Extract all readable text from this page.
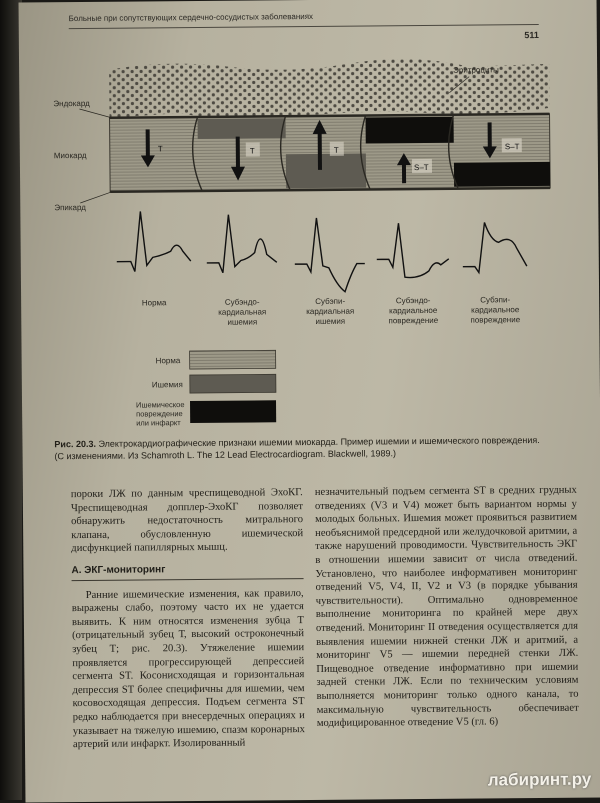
Больные при сопутствующих сердечно-сосудистых заболеваниях
511
Эндокард
Миокард
Эпикард
Эритроциты
T	T	T
S–T
S–T
Норма	Субэндо-
кардиальная
ишемия
Субэпи-
кардиальная
ишемия
Субэндо-
кардиальное
повреждение
Субэпи-
кардиальное
повреждение
Норма
Ишемия
Ишемическое
повреждение
или инфаркт
Рис. 20.3. Электрокардиографические признаки ишемии миокарда. Пример ишемии и ишемического повреждения.
(С изменениями. Из Schamroth L. The 12 Lead Electrocardiogram. Blackwell, 1989.)

пороки ЛЖ по данным чреспищеводной ЭхоКГ. Чреспищеводная допплер-ЭхоКГ позволяет обнаружить недостаточность митрального клапана, обусловленную ишемической дисфункцией папиллярных мышц.

А. ЭКГ-мониторинг

Ранние ишемические изменения, как правило, выражены слабо, поэтому часто их не удается выявить. К ним относятся изменения зубца Т (отрицательный зубец Т, высокий остроконечный зубец Т; рис. 20.3). Утяжеление ишемии проявляется прогрессирующей депрессией сегмента ST. Косонисходящая и горизонтальная депрессия ST более специфичны для ишемии, чем косовосходящая депрессия. Подъем сегмента ST редко наблюдается при внесердечных операциях и указывает на тяжелую ишемию, спазм коронарных артерий или инфаркт. Изолированный

незначительный подъем сегмента ST в средних грудных отведениях (V3 и V4) может быть вариантом нормы у молодых больных. Ишемия может проявиться развитием необъяснимой предсердной или желудочковой аритмии, а также нарушений проводимости. Чувствительность ЭКГ в отношении ишемии зависит от числа отведений. Установлено, что наиболее информативен мониторинг отведений V5, V4, II, V2 и V3 (в порядке убывания чувствительности). Оптимально одновременное выполнение мониторинга по крайней мере двух отведений. Мониторинг II отведения осуществляется для выявления ишемии нижней стенки ЛЖ и аритмий, а мониторинг V5 — ишемии передней стенки ЛЖ. Пищеводное отведение информативно при ишемии задней стенки ЛЖ. Если по техническим условиям выполняется мониторинг только одного канала, то максимальную чувствительность обеспечивает модифицированное отведение V5 (гл. 6)

лабиринт.ру
